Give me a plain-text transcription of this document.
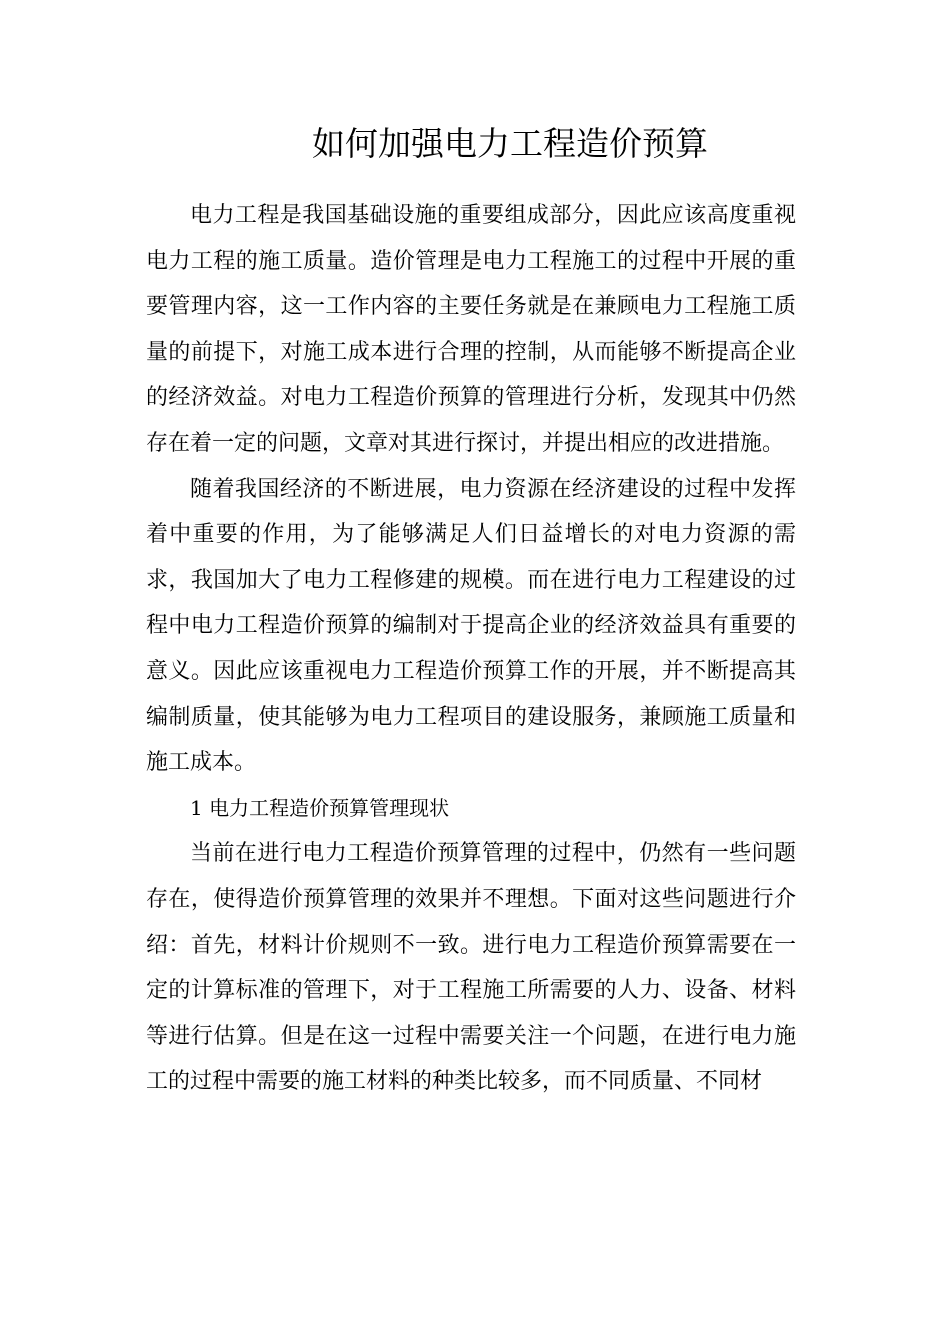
如何加强电力工程造价预算

电力工程是我国基础设施的重要组成部分，因此应该高度重视电力工程的施工质量。造价管理是电力工程施工的过程中开展的重要管理内容，这一工作内容的主要任务就是在兼顾电力工程施工质量的前提下，对施工成本进行合理的控制，从而能够不断提高企业的经济效益。对电力工程造价预算的管理进行分析，发现其中仍然存在着一定的问题，文章对其进行探讨，并提出相应的改进措施。

随着我国经济的不断进展，电力资源在经济建设的过程中发挥着中重要的作用，为了能够满足人们日益增长的对电力资源的需求，我国加大了电力工程修建的规模。而在进行电力工程建设的过程中电力工程造价预算的编制对于提高企业的经济效益具有重要的意义。因此应该重视电力工程造价预算工作的开展，并不断提高其编制质量，使其能够为电力工程项目的建设服务，兼顾施工质量和施工成本。

1 电力工程造价预算管理现状

当前在进行电力工程造价预算管理的过程中，仍然有一些问题存在，使得造价预算管理的效果并不理想。下面对这些问题进行介绍：首先，材料计价规则不一致。进行电力工程造价预算需要在一定的计算标准的管理下，对于工程施工所需要的人力、设备、材料等进行估算。但是在这一过程中需要关注一个问题，在进行电力施工的过程中需要的施工材料的种类比较多，而不同质量、不同材
